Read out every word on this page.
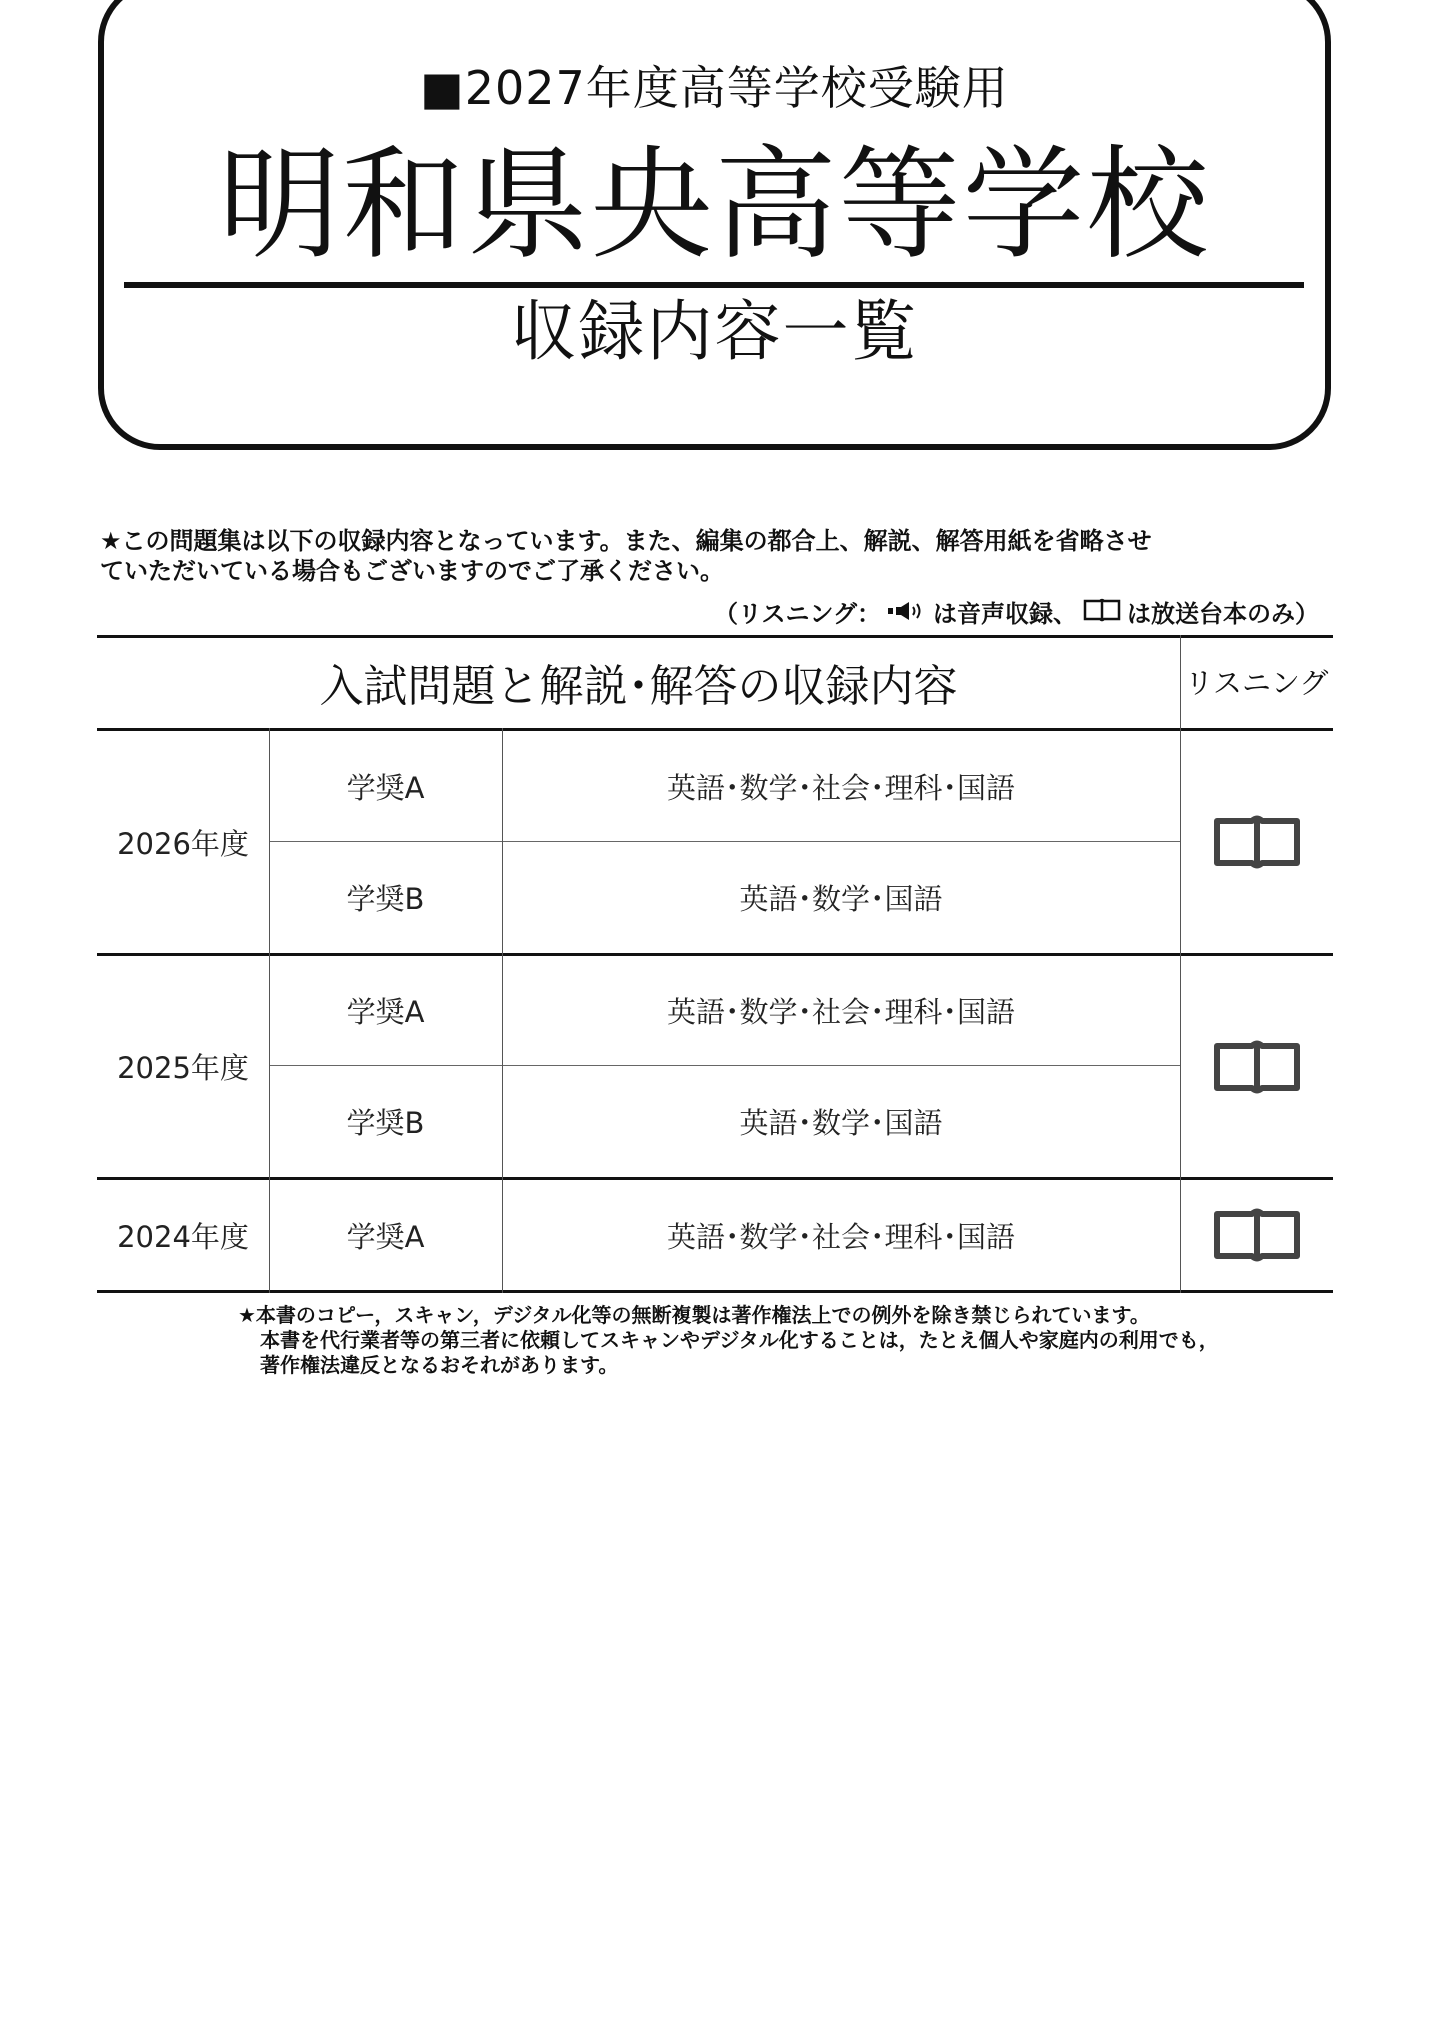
■2027年度高等学校受験用
明和県央高等学校
収録内容一覧
★この問題集は以下の収録内容となっています。また、編集の都合上、解説、解答用紙を省略させ
ていただいている場合もございますのでご了承ください。
（リスニング： は音声収録、 は放送台本のみ）
入試問題と解説･解答の収録内容	リスニング
2026年度
学奨A	英語･数学･社会･理科･国語
学奨B	英語･数学･国語
2025年度
学奨A	英語･数学･社会･理科･国語
学奨B	英語･数学･国語
2024年度	学奨A	英語･数学･社会･理科･国語
★本書のコピー，スキャン，デジタル化等の無断複製は著作権法上での例外を除き禁じられています。
本書を代行業者等の第三者に依頼してスキャンやデジタル化することは，たとえ個人や家庭内の利用でも，
著作権法違反となるおそれがあります。
